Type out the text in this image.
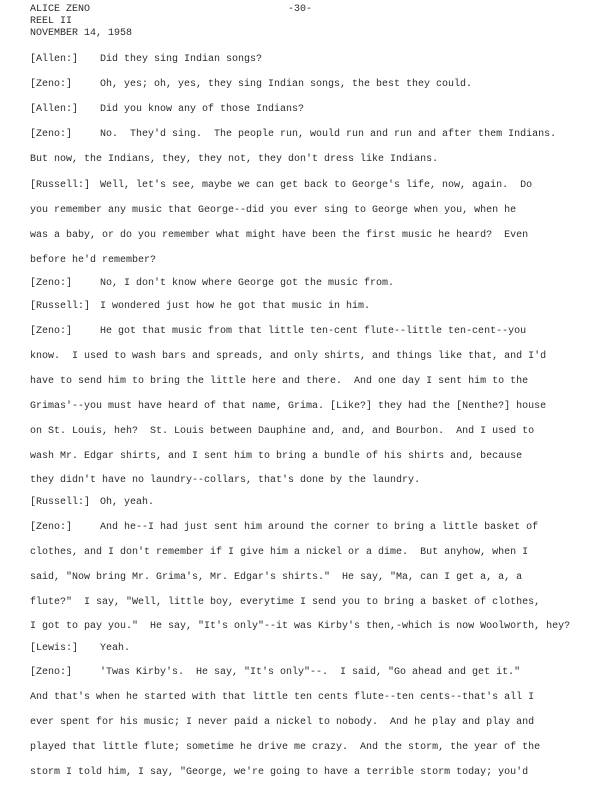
ALICE ZENO	-30-
REEL II
NOVEMBER 14, 1958
[Allen:] Did they sing Indian songs?
[Zeno:]	Oh, yes; oh, yes, they sing Indian songs, the best they could.
[Allen:] Did you know any of those Indians?
[Zeno:]	No.  They'd sing.  The people run, would run and run and after them Indians.
But now, the Indians, they, they not, they don't dress like Indians.
[Russell:] Well, let's see, maybe we can get back to George's life, now, again.  Do
you remember any music that George--did you ever sing to George when you, when he
was a baby, or do you remember what might have been the first music he heard?  Even
before he'd remember?
[Zeno:]	No, I don't know where George got the music from.
[Russell:] I wondered just how he got that music in him.
[Zeno:]	He got that music from that little ten-cent flute--little ten-cent--you
know.  I used to wash bars and spreads, and only shirts, and things like that, and I'd
have to send him to bring the little here and there.  And one day I sent him to the
Grimas'--you must have heard of that name, Grima. [Like?] they had the [Nenthe?] house
on St. Louis, heh?  St. Louis between Dauphine and, and, and Bourbon.  And I used to
wash Mr. Edgar shirts, and I sent him to bring a bundle of his shirts and, because
they didn't have no laundry--collars, that's done by the laundry.
[Russell:] Oh, yeah.
[Zeno:]	And he--I had just sent him around the corner to bring a little basket of
clothes, and I don't remember if I give him a nickel or a dime.  But anyhow, when I
said, "Now bring Mr. Grima's, Mr. Edgar's shirts."  He say, "Ma, can I get a, a, a
flute?"  I say, "Well, little boy, everytime I send you to bring a basket of clothes,
I got to pay you."  He say, "It's only"--it was Kirby's then,-which is now Woolworth, hey?
[Lewis:] Yeah.
[Zeno:]	'Twas Kirby's.  He say, "It's only"--.  I said, "Go ahead and get it."
And that's when he started with that little ten cents flute--ten cents--that's all I
ever spent for his music; I never paid a nickel to nobody.  And he play and play and
played that little flute; sometime he drive me crazy.  And the storm, the year of the
storm I told him, I say, "George, we're going to have a terrible storm today; you'd
